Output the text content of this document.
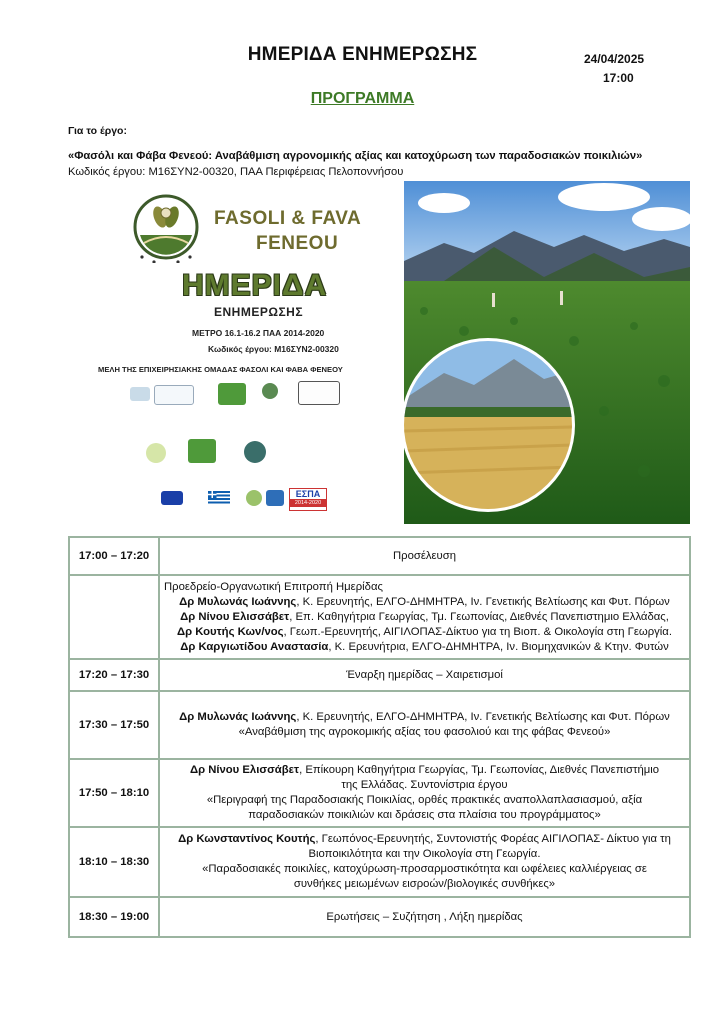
ΗΜΕΡΙΔΑ ΕΝΗΜΕΡΩΣΗΣ	24/04/2025
17:00
ΠΡΟΓΡΑΜΜΑ
Για το έργο:
«Φασόλι και Φάβα Φενεού: Αναβάθμιση αγρονομικής αξίας και κατοχύρωση των παραδοσιακών ποικιλιών»
Κωδικός έργου: Μ16ΣΥΝ2-00320, ΠΑΑ Περιφέρειας Πελοποννήσου
FASOLI & FAVA
FENEOU
ΗΜΕΡΙΔΑ
ΕΝΗΜΕΡΩΣΗΣ
ΜΕΤΡΟ 16.1-16.2 ΠΑΑ 2014-2020
Κωδικός έργου: Μ16ΣΥΝ2-00320
ΜΕΛΗ ΤΗΣ ΕΠΙΧΕΙΡΗΣΙΑΚΗΣ ΟΜΑΔΑΣ ΦΑΣΟΛΙ ΚΑΙ ΦΑΒΑ ΦΕΝΕΟΥ
ΕΣΠΑ
2014-2020
17:00 – 17:20	Προσέλευση

	Προεδρείο-Οργανωτική Επιτροπή Ημερίδας
Δρ Μυλωνάς Ιωάννης, Κ. Ερευνητής, ΕΛΓΟ-ΔΗΜΗΤΡΑ, Ιν. Γενετικής Βελτίωσης και Φυτ. Πόρων
Δρ Νίνου Ελισσάβετ, Επ. Καθηγήτρια Γεωργίας, Τμ. Γεωπονίας, Διεθνές Πανεπιστημιο Ελλάδας,
Δρ Κουτής Κων/νος, Γεωπ.-Ερευνητής, ΑΙΓΙΛΟΠΑΣ-Δίκτυο για τη Βιοπ. & Οικολογία στη Γεωργία.
Δρ Καργιωτίδου Αναστασία, Κ. Ερευνήτρια, ΕΛΓΟ-ΔΗΜΗΤΡΑ, Ιν. Βιομηχανικών & Κτην. Φυτών

17:20 – 17:30	Έναρξη ημερίδας – Χαιρετισμοί
17:30 – 17:50	Δρ Μυλωνάς Ιωάννης, Κ. Ερευνητής, ΕΛΓΟ-ΔΗΜΗΤΡΑ, Ιν. Γενετικής Βελτίωσης και Φυτ. Πόρων
«Αναβάθμιση της αγροκομικής αξίας του φασολιού και της φάβας Φενεού»

17:50 – 18:10	Δρ Νίνου Ελισσάβετ, Επίκουρη Καθηγήτρια Γεωργίας, Τμ. Γεωπονίας, Διεθνές Πανεπιστήμιο
της Ελλάδας. Συντονίστρια έργου
«Περιγραφή της Παραδοσιακής Ποικιλίας, ορθές πρακτικές αναπολλαπλασιασμού, αξία
παραδοσιακών ποικιλιών και δράσεις στα πλαίσια του προγράμματος»

18:10 – 18:30	Δρ Κωνσταντίνος Κουτής, Γεωπόνος-Ερευνητής, Συντονιστής Φορέας ΑΙΓΙΛΟΠΑΣ- Δίκτυο για τη
Βιοποικιλότητα και την Οικολογία στη Γεωργία.
«Παραδοσιακές ποικιλίες, κατοχύρωση-προσαρμοστικότητα και ωφέλειες καλλιέργειας σε
συνθήκες μειωμένων εισροών/βιολογικές συνθήκες»

18:30 – 19:00	Ερωτήσεις – Συζήτηση , Λήξη ημερίδας
